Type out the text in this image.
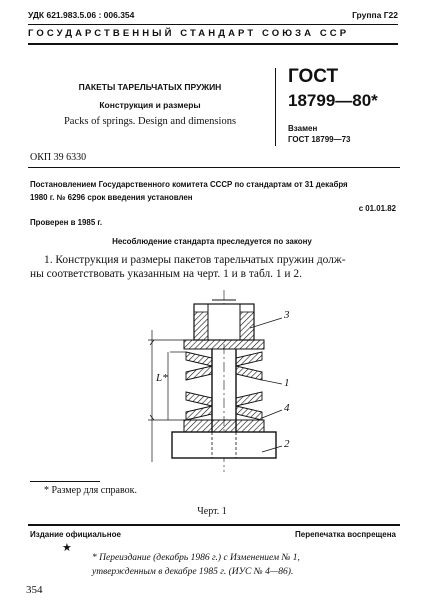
УДК 621.983.5.06 : 006.354	Группа Г22
ГОСУДАРСТВЕННЫЙ СТАНДАРТ СОЮЗА ССР
ПАКЕТЫ ТАРЕЛЬЧАТЫХ ПРУЖИН
Конструкция и размеры
Packs of springs. Design and dimensions
ГОСТ
18799—80*
Взамен
ГОСТ 18799—73
ОКП 39 6330
Постановлением Государственного комитета СССР по стандартам от 31 декабря
1980 г. № 6296 срок введения установлен
с 01.01.82
Проверен в 1985 г.
Несоблюдение стандарта преследуется по закону
1. Конструкция и размеры пакетов тарельчатых пружин долж-
ны соответствовать указанным на черт. 1 и в табл. 1 и 2.
3
1
4
2
L*
* Размер для справок.
Черт. 1
Издание официальное	Перепечатка воспрещена
★
* Переиздание (декабрь 1986 г.) с Изменением № 1,
утвержденным в декабре 1985 г. (ИУС № 4—86).
354
